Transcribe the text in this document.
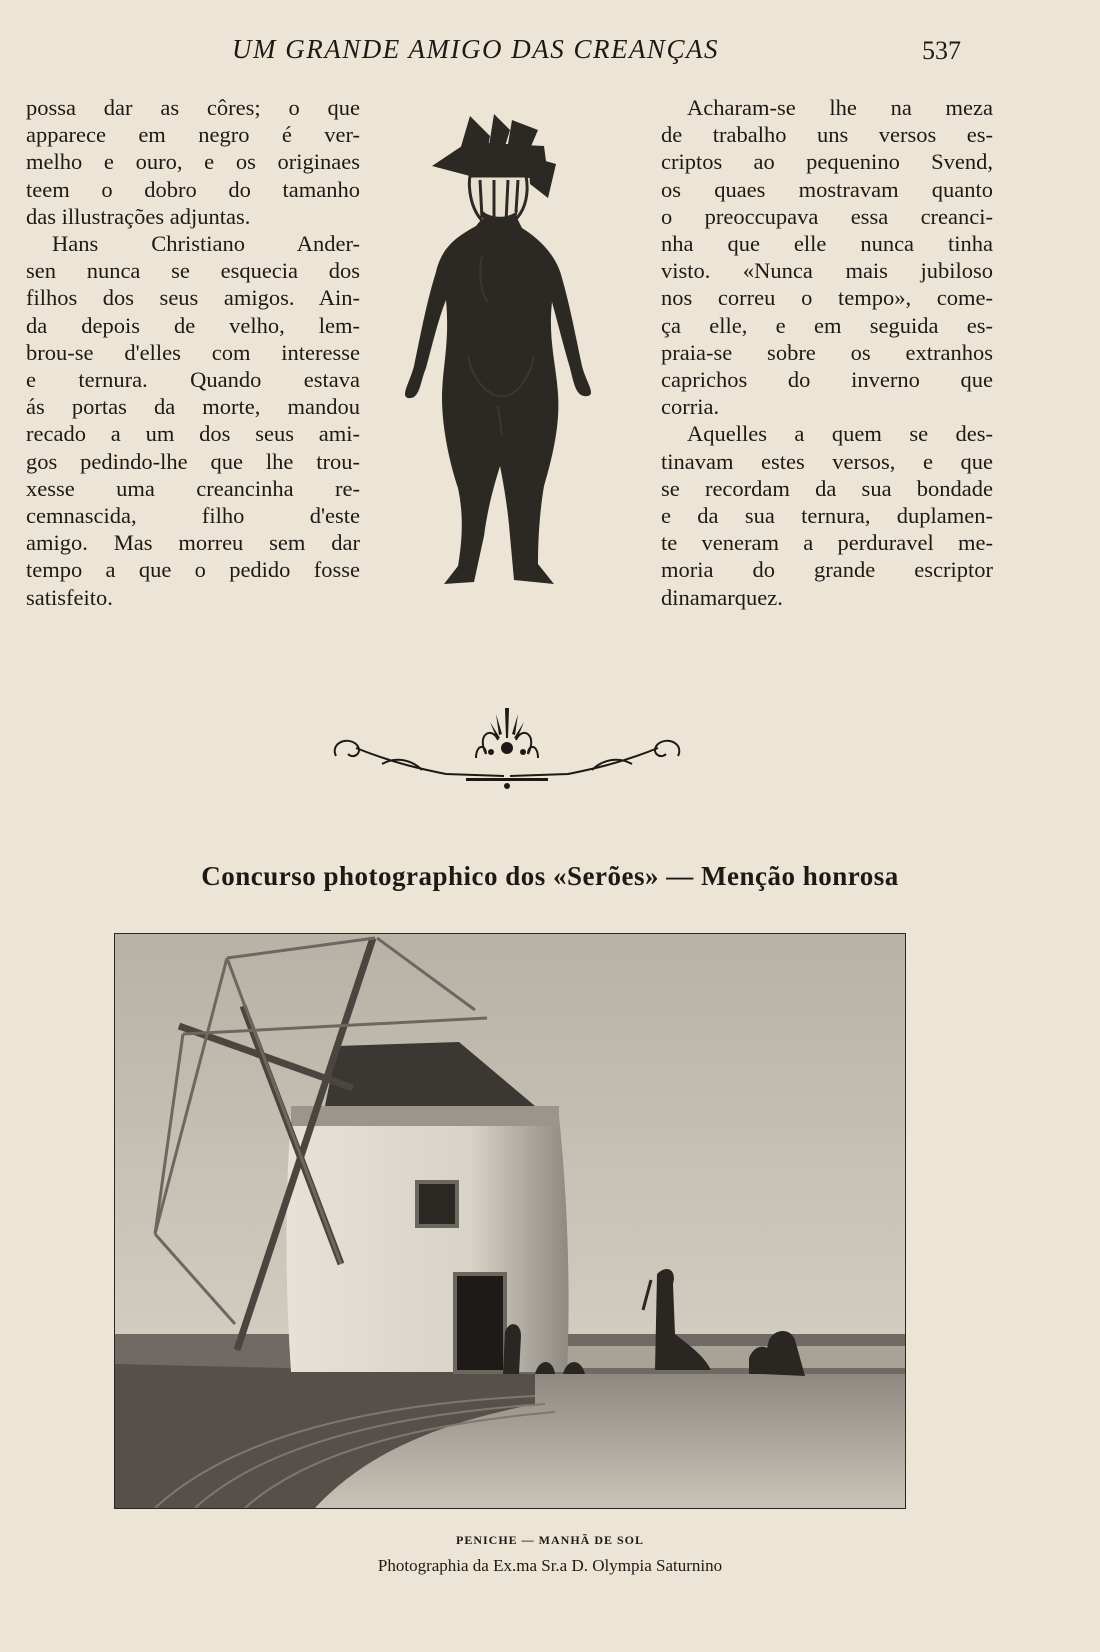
UM GRANDE AMIGO DAS CREANÇAS	537

possa dar as côres; o que
apparece em negro é ver-
melho e ouro, e os originaes
teem o dobro do tamanho
das illustrações adjuntas.

Hans Christiano Ander-
sen nunca se esquecia dos
filhos dos seus amigos. Ain-
da depois de velho, lem-
brou-se d'elles com interesse
e ternura. Quando estava
ás portas da morte, mandou
recado a um dos seus ami-
gos pedindo-lhe que lhe trou-
xesse uma creancinha re-
cemnascida, filho d'este
amigo. Mas morreu sem dar
tempo a que o pedido fosse
satisfeito.

Acharam-se lhe na meza
de trabalho uns versos es-
criptos ao pequenino Svend,
os quaes mostravam quanto
o preoccupava essa creanci-
nha que elle nunca tinha
visto. «Nunca mais jubiloso
nos correu o tempo», come-
ça elle, e em seguida es-
praia-se sobre os extranhos
caprichos do inverno que
corria.

Aquelles a quem se des-
tinavam estes versos, e que
se recordam da sua bondade
e da sua ternura, duplamen-
te veneram a perduravel me-
moria do grande escriptor
dinamarquez.

Concurso photographico dos «Serões» — Menção honrosa
PENICHE — MANHÃ DE SOL
Photographia da Ex.ma Sr.a D. Olympia Saturnino
